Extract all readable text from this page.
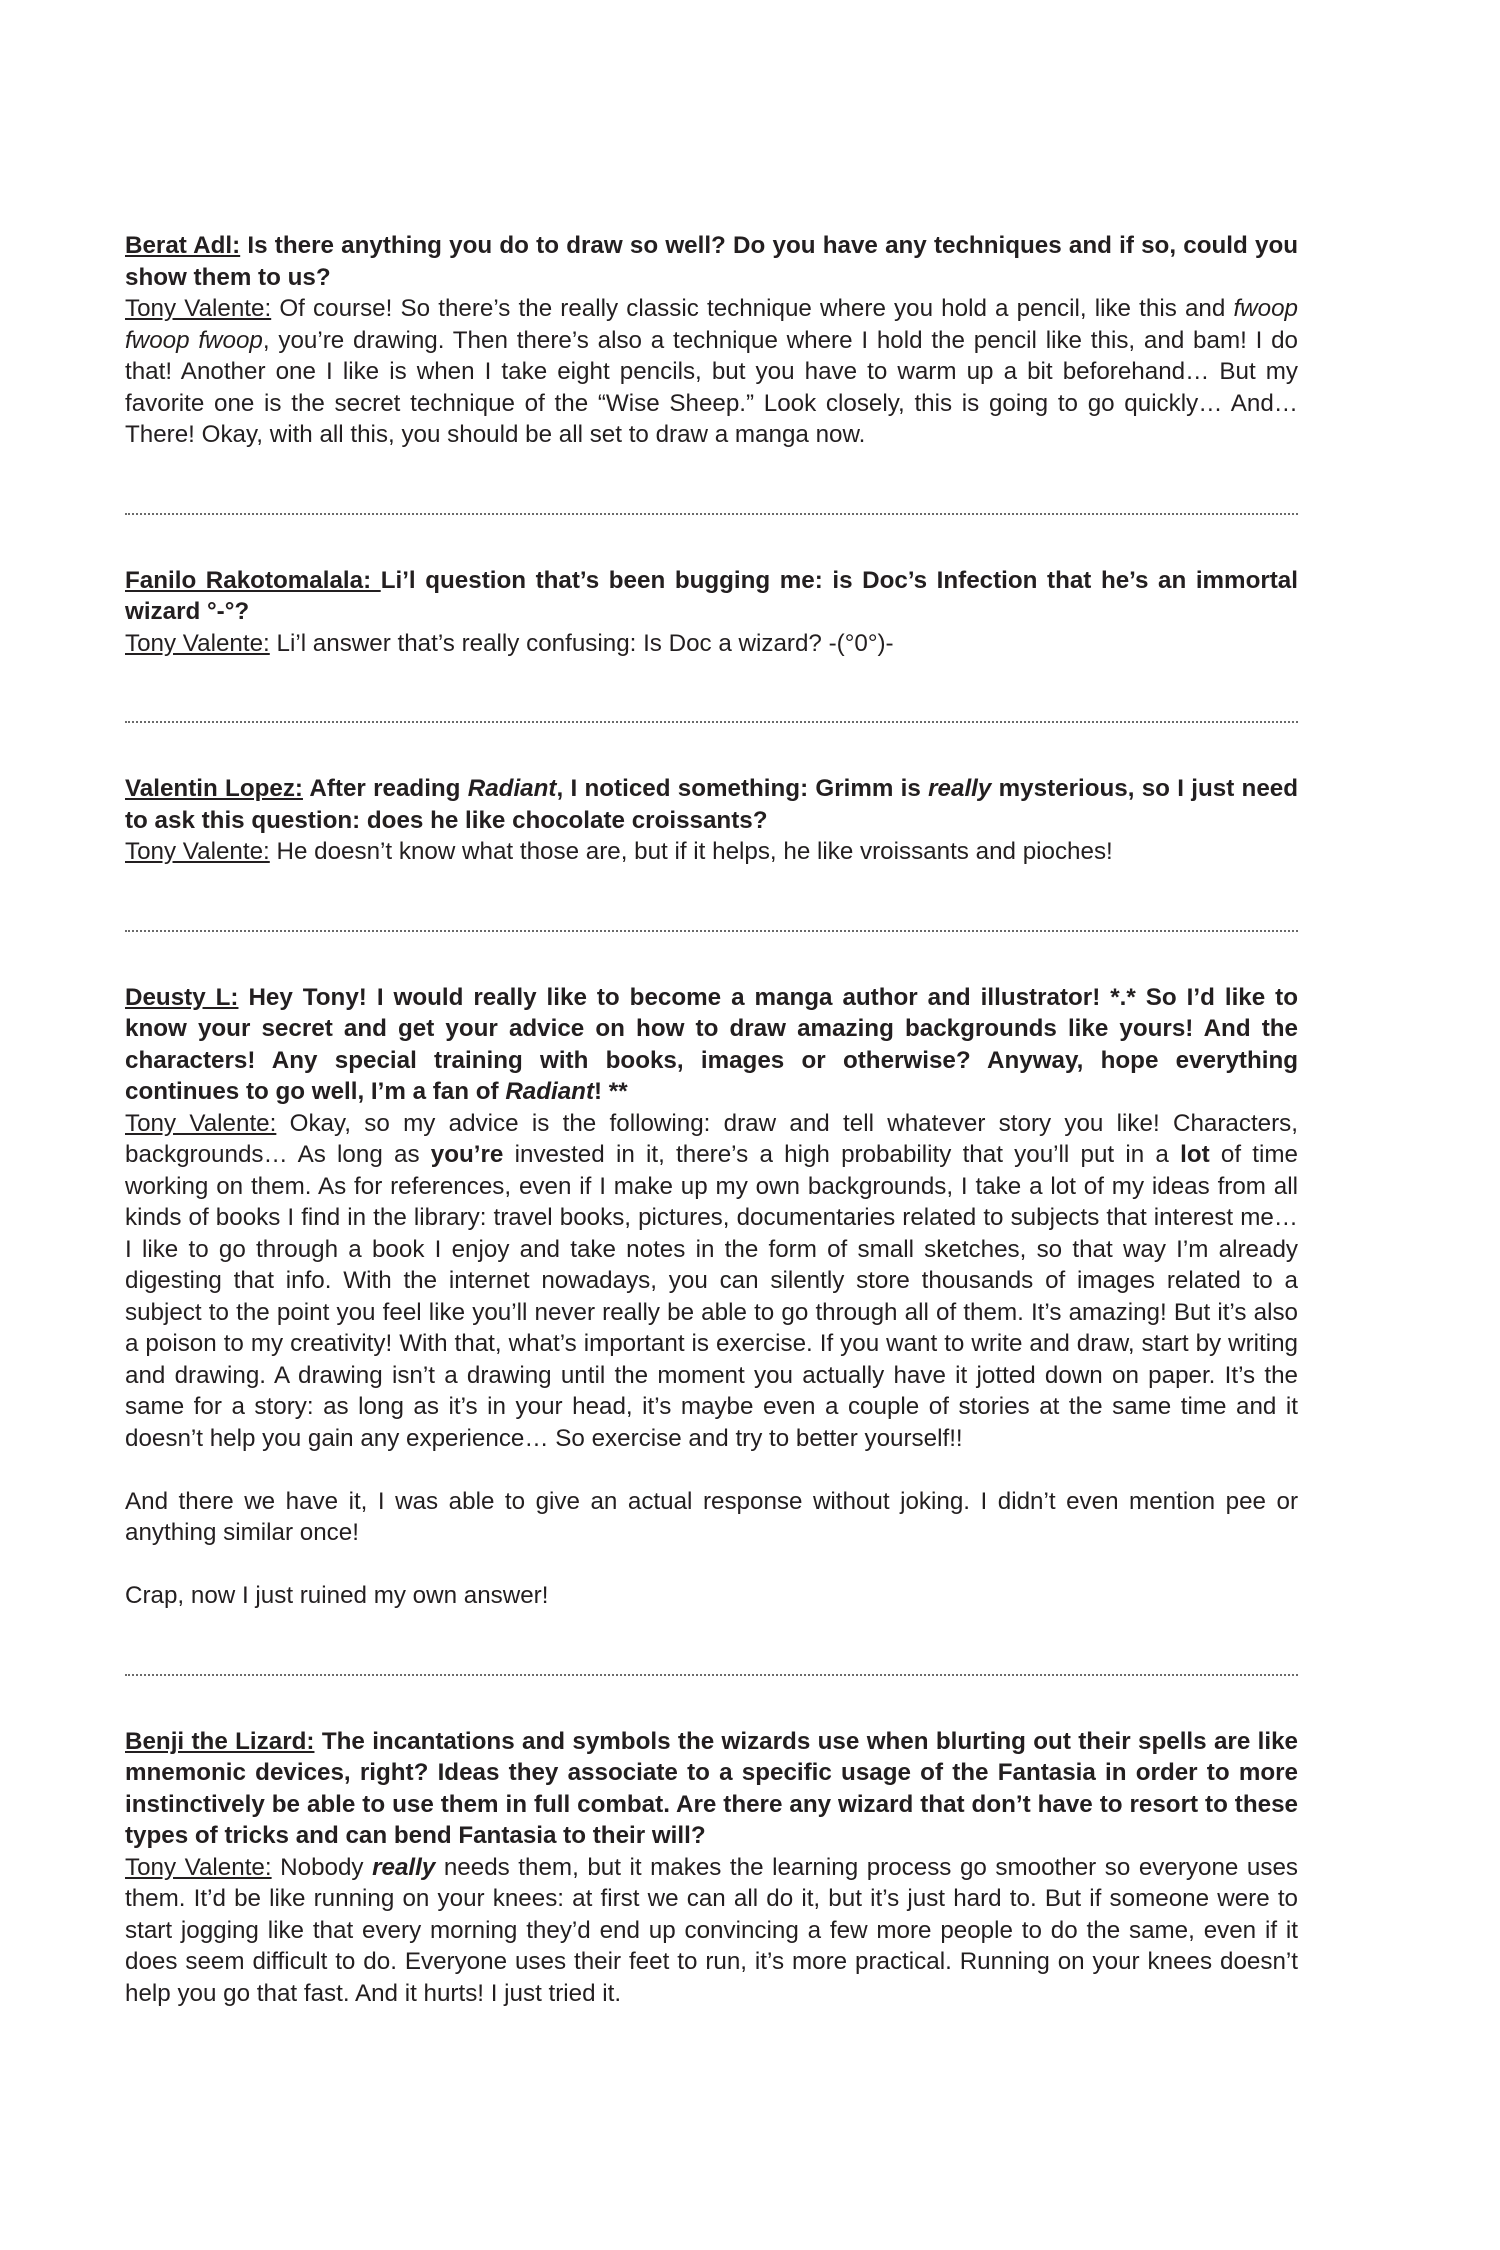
Berat Adl: Is there anything you do to draw so well? Do you have any techniques and if so, could you show them to us?

Tony Valente: Of course! So there’s the really classic technique where you hold a pencil, like this and fwoop fwoop fwoop, you’re drawing. Then there’s also a technique where I hold the pencil like this, and bam! I do that! Another one I like is when I take eight pencils, but you have to warm up a bit beforehand… But my favorite one is the secret technique of the “Wise Sheep.” Look closely, this is going to go quickly… And… There! Okay, with all this, you should be all set to draw a manga now.

Fanilo Rakotomalala: Li’l question that’s been bugging me: is Doc’s Infection that he’s an immortal wizard °-°?

Tony Valente: Li’l answer that’s really confusing: Is Doc a wizard? -(°0°)-

Valentin Lopez: After reading Radiant, I noticed something: Grimm is really mysterious, so I just need to ask this question: does he like chocolate croissants?

Tony Valente: He doesn’t know what those are, but if it helps, he like vroissants and pioches!

Deusty L: Hey Tony! I would really like to become a manga author and illustrator! *.* So I’d like to know your secret and get your advice on how to draw amazing backgrounds like yours! And the characters! Any special training with books, images or otherwise? Anyway, hope everything continues to go well, I’m a fan of Radiant! **

Tony Valente: Okay, so my advice is the following: draw and tell whatever story you like! Characters, backgrounds… As long as you’re invested in it, there’s a high probability that you’ll put in a lot of time working on them. As for references, even if I make up my own backgrounds, I take a lot of my ideas from all kinds of books I find in the library: travel books, pictures, documentaries related to subjects that interest me… I like to go through a book I enjoy and take notes in the form of small sketches, so that way I’m already digesting that info. With the internet nowadays, you can silently store thousands of images related to a subject to the point you feel like you’ll never really be able to go through all of them. It’s amazing! But it’s also a poison to my creativity! With that, what’s important is exercise. If you want to write and draw, start by writing and drawing. A drawing isn’t a drawing until the moment you actually have it jotted down on paper. It’s the same for a story: as long as it’s in your head, it’s maybe even a couple of stories at the same time and it doesn’t help you gain any experience… So exercise and try to better yourself!!

And there we have it, I was able to give an actual response without joking. I didn’t even mention pee or anything similar once!

Crap, now I just ruined my own answer!

Benji the Lizard: The incantations and symbols the wizards use when blurting out their spells are like mnemonic devices, right? Ideas they associate to a specific usage of the Fantasia in order to more instinctively be able to use them in full combat. Are there any wizard that don’t have to resort to these types of tricks and can bend Fantasia to their will?

Tony Valente: Nobody really needs them, but it makes the learning process go smoother so everyone uses them. It’d be like running on your knees: at first we can all do it, but it’s just hard to. But if someone were to start jogging like that every morning they’d end up convincing a few more people to do the same, even if it does seem difficult to do. Everyone uses their feet to run, it’s more practical. Running on your knees doesn’t help you go that fast. And it hurts! I just tried it.
